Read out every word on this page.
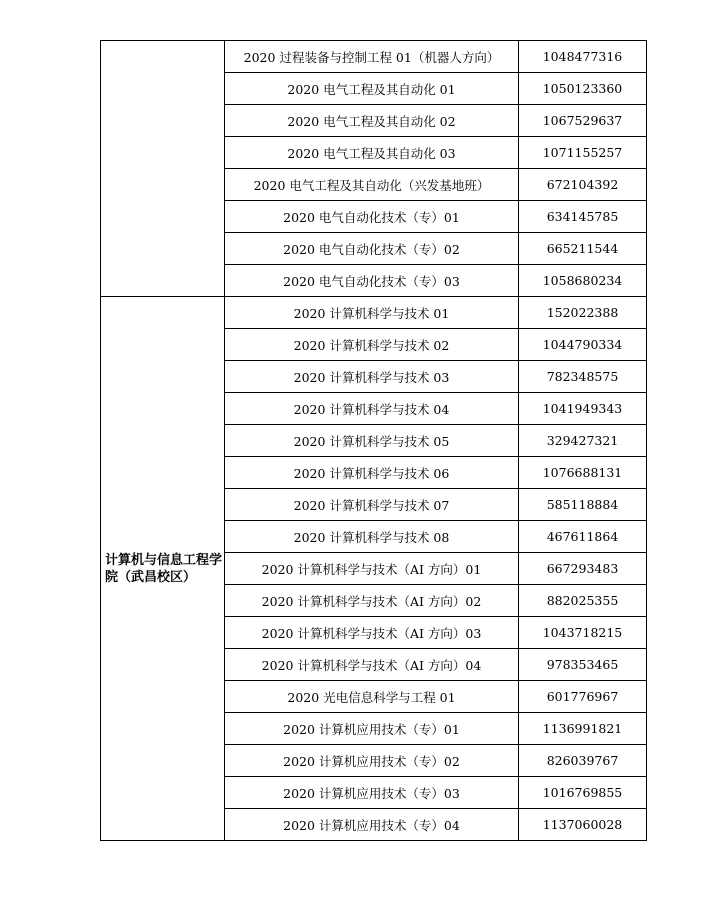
	2020 过程装备与控制工程 01（机器人方向）	1048477316
	2020 电气工程及其自动化 01	1050123360
	2020 电气工程及其自动化 02	1067529637
	2020 电气工程及其自动化 03	1071155257
	2020 电气工程及其自动化（兴发基地班）	672104392
	2020 电气自动化技术（专）01	634145785
	2020 电气自动化技术（专）02	665211544
	2020 电气自动化技术（专）03	1058680234
计算机与信息工程学院（武昌校区）	2020 计算机科学与技术 01	152022388
	2020 计算机科学与技术 02	1044790334
	2020 计算机科学与技术 03	782348575
	2020 计算机科学与技术 04	1041949343
	2020 计算机科学与技术 05	329427321
	2020 计算机科学与技术 06	1076688131
	2020 计算机科学与技术 07	585118884
	2020 计算机科学与技术 08	467611864
	2020 计算机科学与技术（AI 方向）01	667293483
	2020 计算机科学与技术（AI 方向）02	882025355
	2020 计算机科学与技术（AI 方向）03	1043718215
	2020 计算机科学与技术（AI 方向）04	978353465
	2020 光电信息科学与工程 01	601776967
	2020 计算机应用技术（专）01	1136991821
	2020 计算机应用技术（专）02	826039767
	2020 计算机应用技术（专）03	1016769855
	2020 计算机应用技术（专）04	1137060028
